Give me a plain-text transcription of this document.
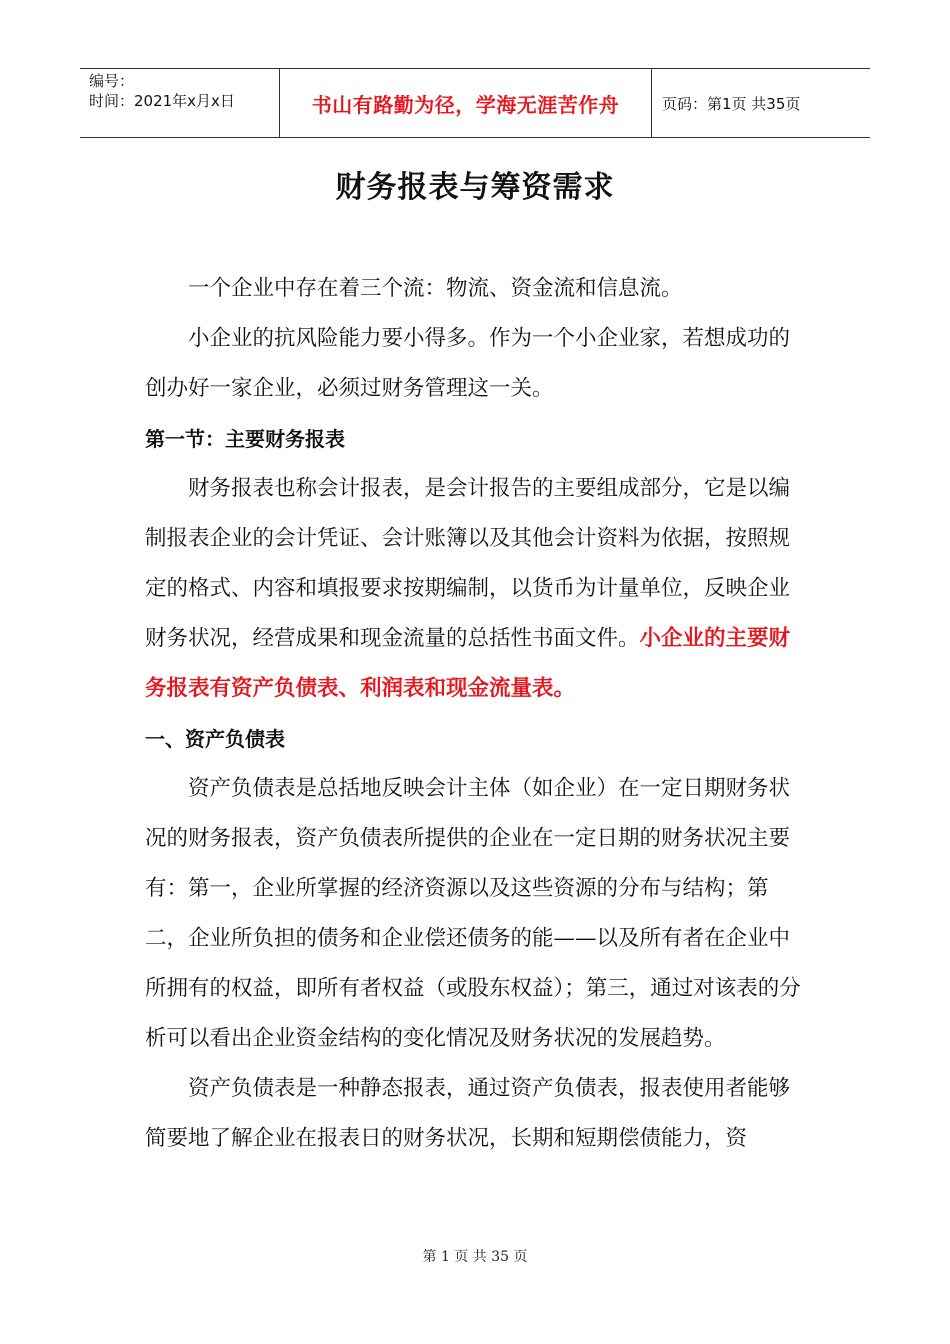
编号：
时间：2021年x月x日	书山有路勤为径，学海无涯苦作舟	页码：第1页 共35页
财务报表与筹资需求

一个企业中存在着三个流：物流、资金流和信息流。

小企业的抗风险能力要小得多。作为一个小企业家，若想成功的创办好一家企业，必须过财务管理这一关。

第一节：主要财务报表

财务报表也称会计报表，是会计报告的主要组成部分，它是以编制报表企业的会计凭证、会计账簿以及其他会计资料为依据，按照规定的格式、内容和填报要求按期编制，以货币为计量单位，反映企业财务状况，经营成果和现金流量的总括性书面文件。小企业的主要财务报表有资产负债表、利润表和现金流量表。

一、资产负债表

资产负债表是总括地反映会计主体（如企业）在一定日期财务状况的财务报表，资产负债表所提供的企业在一定日期的财务状况主要有：第一，企业所掌握的经济资源以及这些资源的分布与结构；第二，企业所负担的债务和企业偿还债务的能——以及所有者在企业中所拥有的权益，即所有者权益（或股东权益）；第三，通过对该表的分析可以看出企业资金结构的变化情况及财务状况的发展趋势。

资产负债表是一种静态报表，通过资产负债表，报表使用者能够简要地了解企业在报表日的财务状况，长期和短期偿债能力，资

第 1 页 共 35 页
